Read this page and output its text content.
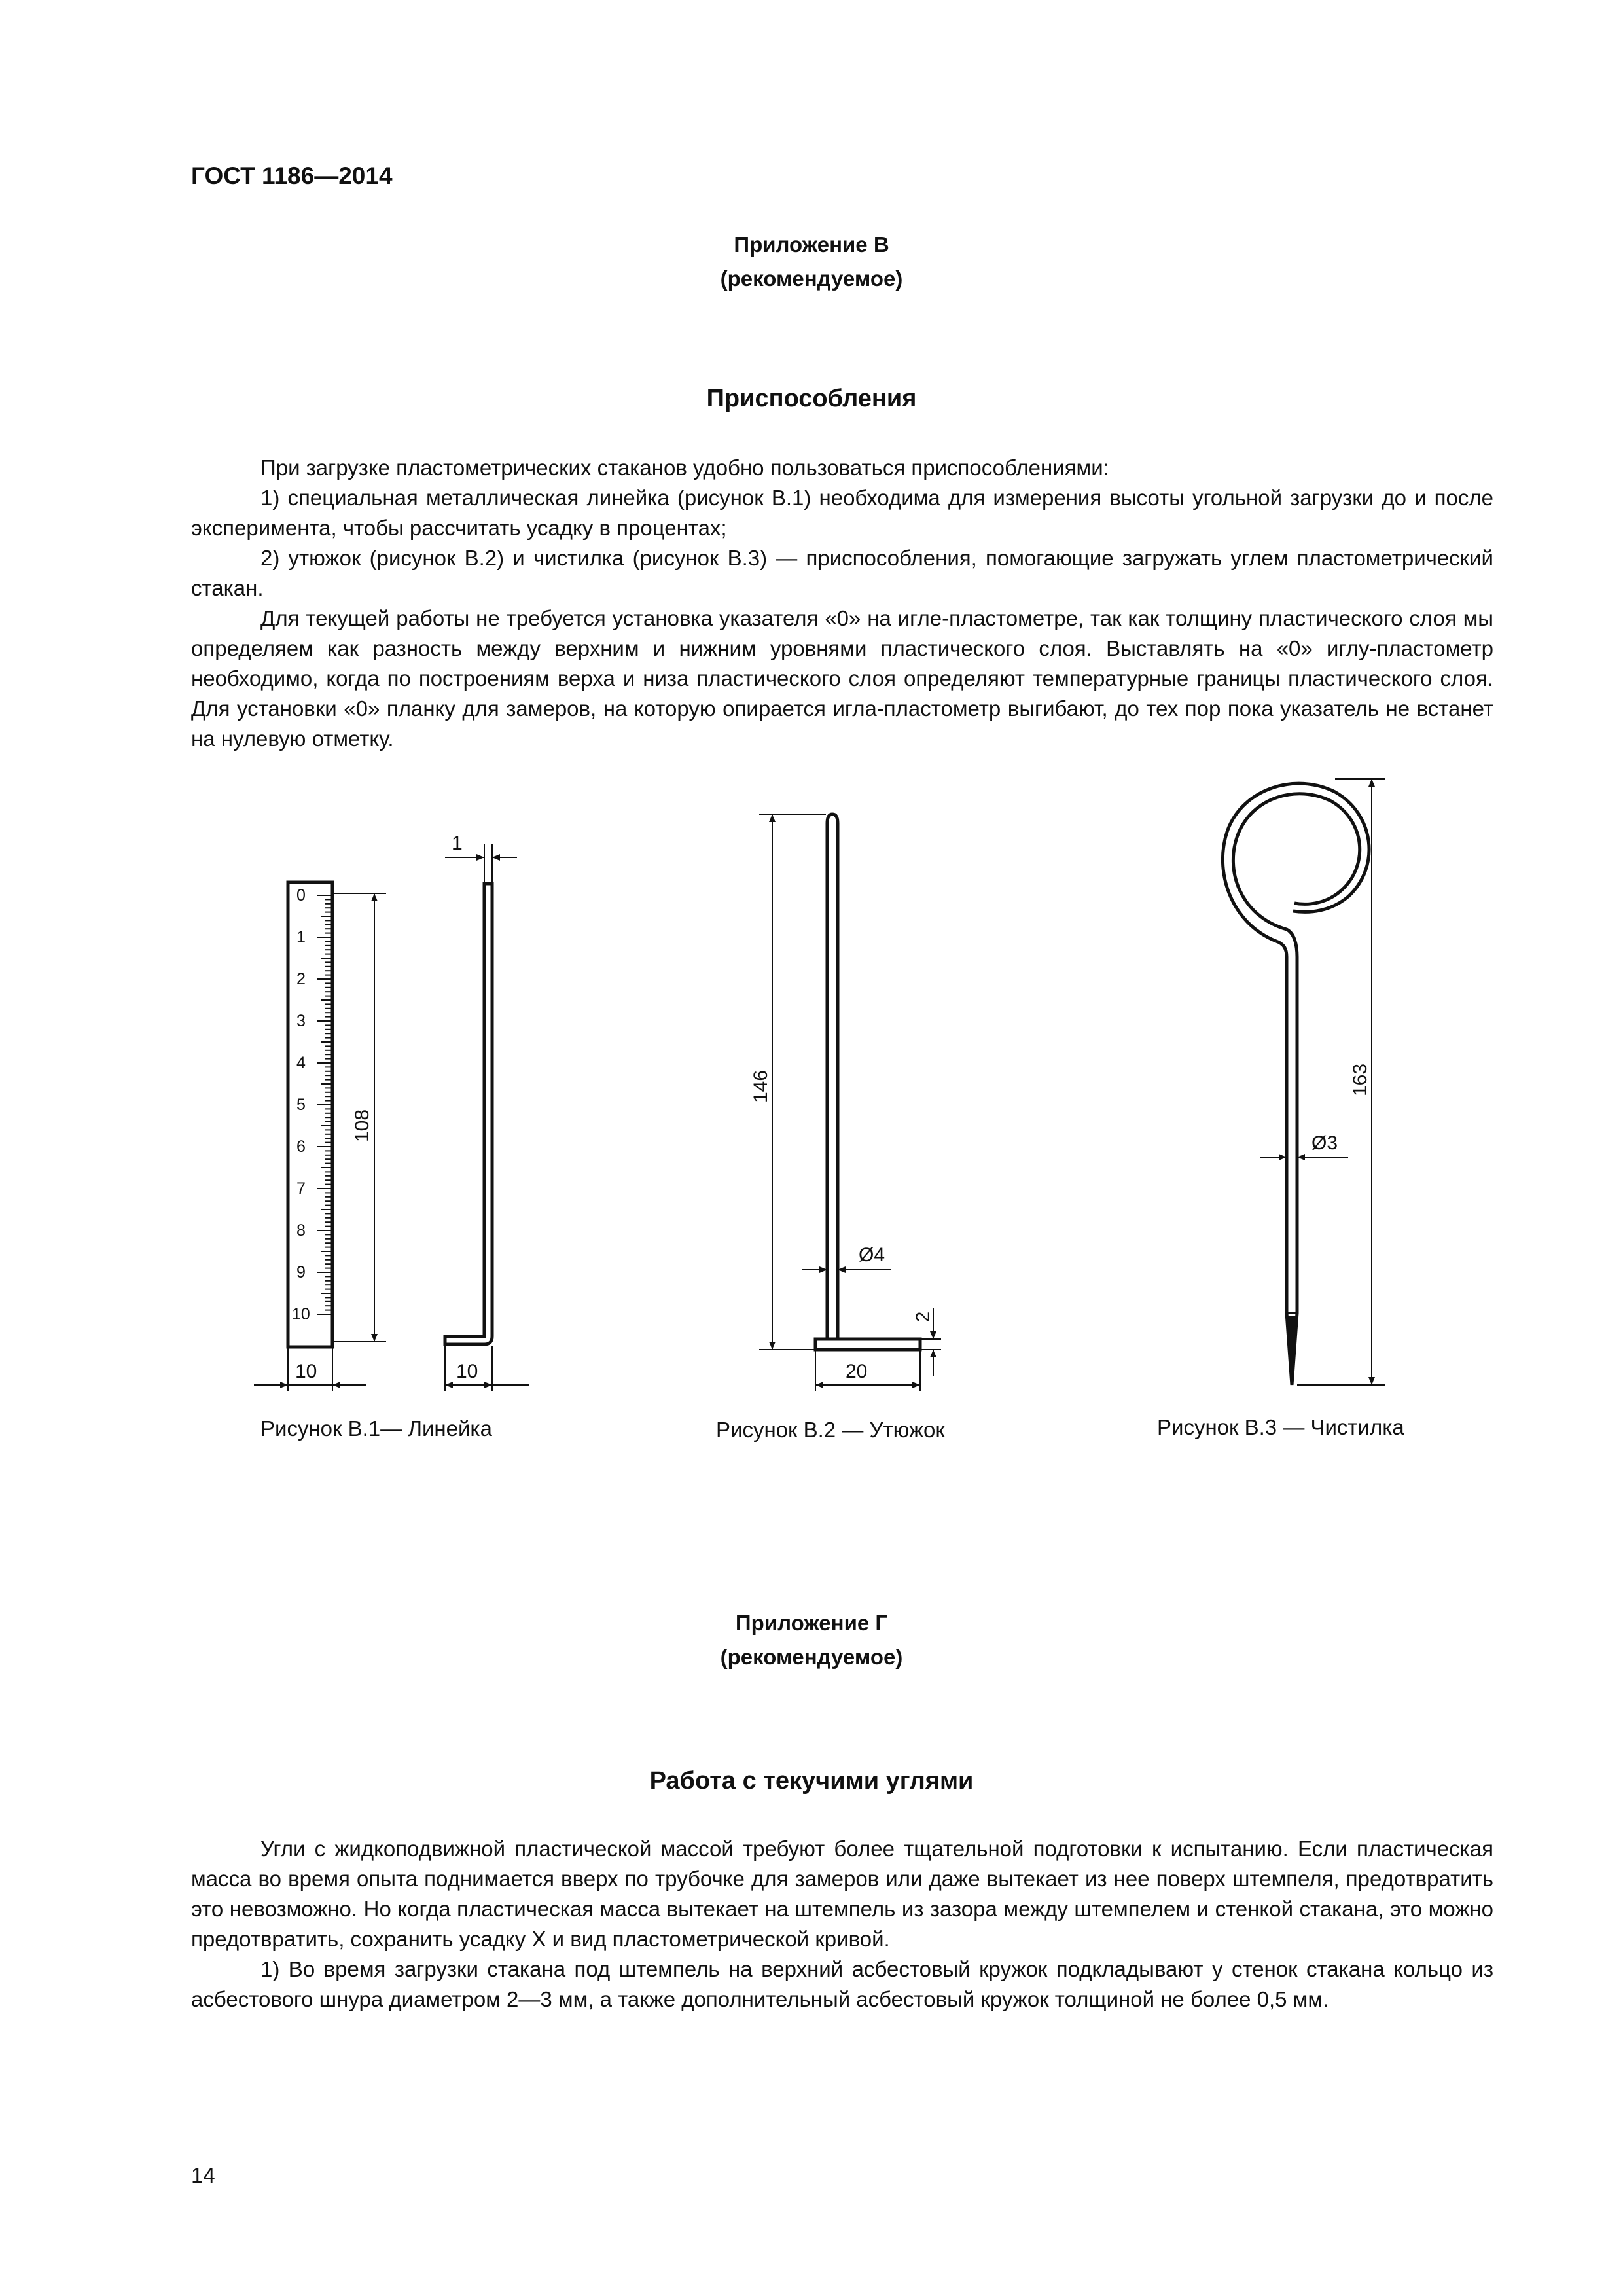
ГОСТ 1186—2014
Приложение В
(рекомендуемое)
Приспособления

При загрузке пластометрических стаканов удобно пользоваться приспособлениями:

1) специальная металлическая линейка (рисунок В.1) необходима для измерения высоты угольной загрузки до и после эксперимента, чтобы рассчитать усадку в процентах;

2) утюжок (рисунок В.2) и чистилка (рисунок В.3) — приспособления, помогающие загружать углем пластометрический стакан.

Для текущей работы не требуется установка указателя «0» на игле-пластометре, так как толщину пластического слоя мы определяем как разность между верхним и нижним уровнями пластического слоя. Выставлять на «0» иглу-пластометр необходимо, когда по построениям верха и низа пластического слоя определяют температурные границы пластического слоя. Для установки «0» планку для замеров, на которую опирается игла-пластометр выгибают, до тех пор пока указатель не встанет на нулевую отметку.

0
1
2
3
4
5
6
7
8
9
10
108
10
1
10
146
Ø4
2
20
163
Ø3
Рисунок В.1— Линейка	Рисунок В.2 — Утюжок	Рисунок В.3 — Чистилка
Приложение Г
(рекомендуемое)
Работа с текучими углями

Угли с жидкоподвижной пластической массой требуют более тщательной подготовки к испытанию. Если пластическая масса во время опыта поднимается вверх по трубочке для замеров или даже вытекает из нее поверх штемпеля, предотвратить это невозможно. Но когда пластическая масса вытекает на штемпель из зазора между штемпелем и стенкой стакана, это можно предотвратить, сохранить усадку X и вид пластометрической кривой.

1) Во время загрузки стакана под штемпель на верхний асбестовый кружок подкладывают у стенок стакана кольцо из асбестового шнура диаметром 2—3 мм, а также дополнительный асбестовый кружок толщиной не более 0,5 мм.

14
